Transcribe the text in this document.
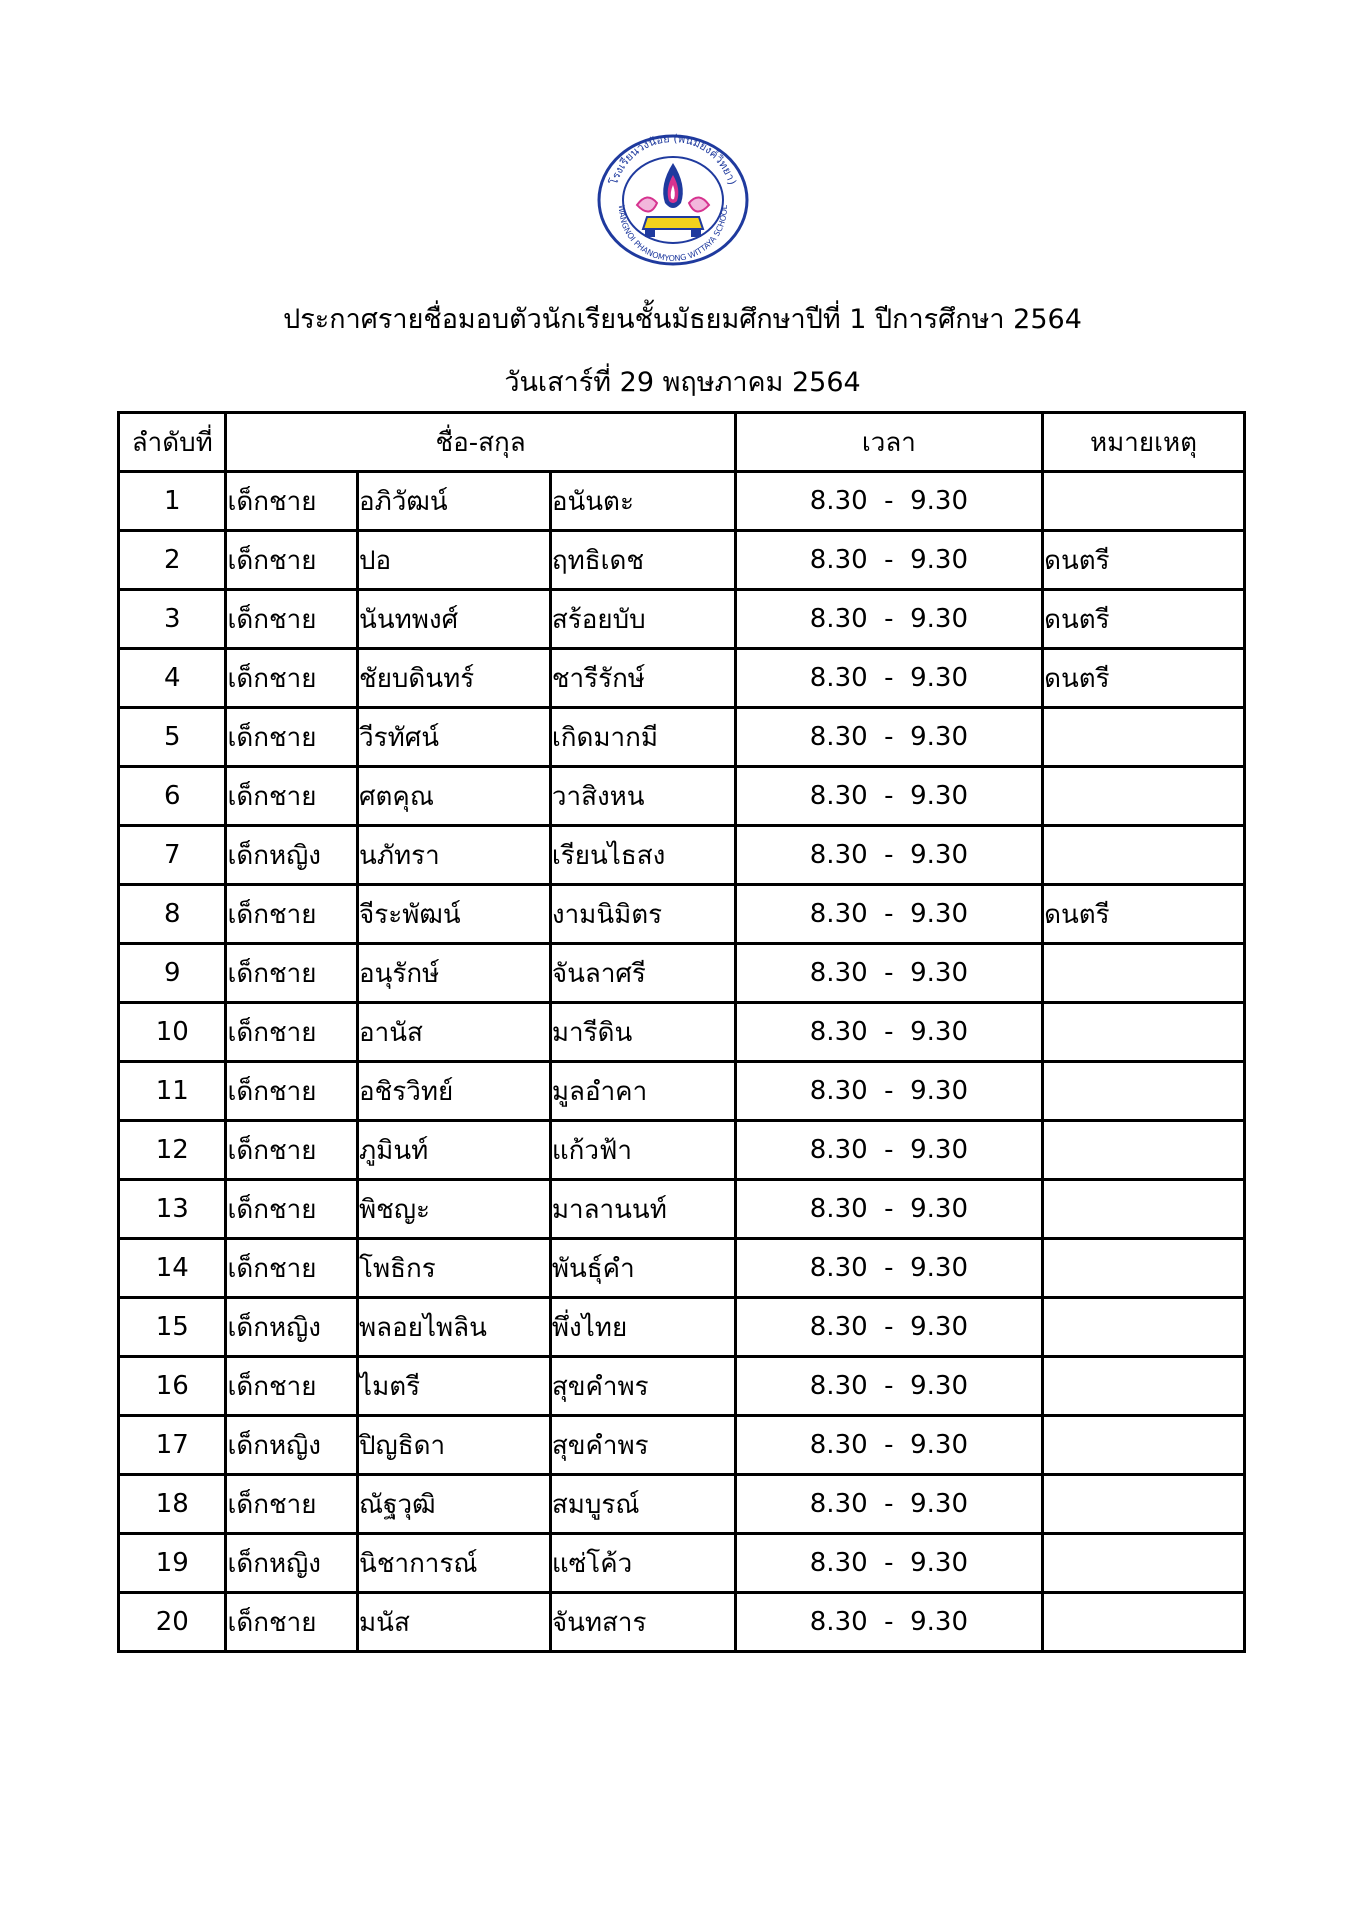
โรงเรียนวังน้อย (พนมยงค์วิทยา)
WANGNOI PHANOMYONG WITTAYA SCHOOL
ประกาศรายชื่อมอบตัวนักเรียนชั้นมัธยมศึกษาปีที่ 1 ปีการศึกษา 2564
วันเสาร์ที่ 29 พฤษภาคม 2564
ลำดับที่	ชื่อ-สกุล			เวลา	หมายเหตุ
1	เด็กชาย	อภิวัฒน์	อนันตะ	8.30  -  9.30	
2	เด็กชาย	ปอ	ฤทธิเดช	8.30  -  9.30	ดนตรี
3	เด็กชาย	นันทพงศ์	สร้อยบับ	8.30  -  9.30	ดนตรี
4	เด็กชาย	ชัยบดินทร์	ชารีรักษ์	8.30  -  9.30	ดนตรี
5	เด็กชาย	วีรทัศน์	เกิดมากมี	8.30  -  9.30	
6	เด็กชาย	ศตคุณ	วาสิงหน	8.30  -  9.30	
7	เด็กหญิง	นภัทรา	เรียนไธสง	8.30  -  9.30	
8	เด็กชาย	จีระพัฒน์	งามนิมิตร	8.30  -  9.30	ดนตรี
9	เด็กชาย	อนุรักษ์	จันลาศรี	8.30  -  9.30	
10	เด็กชาย	อานัส	มารีดิน	8.30  -  9.30	
11	เด็กชาย	อชิรวิทย์	มูลอำคา	8.30  -  9.30	
12	เด็กชาย	ภูมินท์	แก้วฟ้า	8.30  -  9.30	
13	เด็กชาย	พิชญะ	มาลานนท์	8.30  -  9.30	
14	เด็กชาย	โพธิกร	พันธุ์คำ	8.30  -  9.30	
15	เด็กหญิง	พลอยไพลิน	พึ่งไทย	8.30  -  9.30	
16	เด็กชาย	ไมตรี	สุขคำพร	8.30  -  9.30	
17	เด็กหญิง	ปิญธิดา	สุขคำพร	8.30  -  9.30	
18	เด็กชาย	ณัฐวุฒิ	สมบูรณ์	8.30  -  9.30	
19	เด็กหญิง	นิชาการณ์	แซ่โค้ว	8.30  -  9.30	
20	เด็กชาย	มนัส	จันทสาร	8.30  -  9.30	
